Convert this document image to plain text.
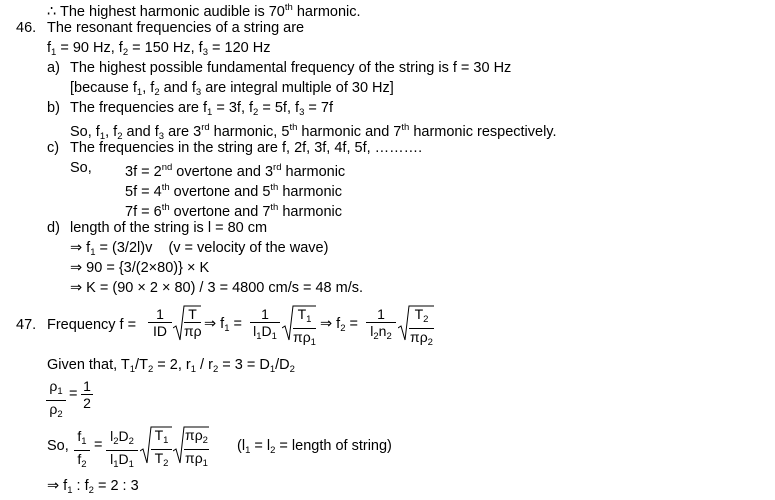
∴ The highest harmonic audible is 70th harmonic.
46. The resonant frequencies of a string are
$f_1 = 90$ Hz, $f_2 = 150$ Hz, $f_3 = 120$ Hz
a) The highest possible fundamental frequency of the string is f = 30 Hz
[because $f_1$, $f_2$ and $f_3$ are integral multiple of 30 Hz]
b) The frequencies are $f_1 = 3f$, $f_2 = 5f$, $f_3 = 7f$
So, $f_1$, $f_2$ and $f_3$ are 3rd harmonic, 5th harmonic and 7th harmonic respectively.
c) The frequencies in the string are f, 2f, 3f, 4f, 5f, ……….
So, 3f = 2nd overtone and 3rd harmonic
5f = 4th overtone and 5th harmonic
7f = 6th overtone and 7th harmonic
d) length of the string is l = 80 cm
⇒ $f_1 = (3/2l)v$    (v = velocity of the wave)
⇒ 90 = {3/(2×80)} × K
⇒ K = (90 × 2 × 80) / 3 = 4800 cm/s = 48 m/s.
47. Frequency f =
1
ID
T
πρ ⇒ $f_1$ =
1
$l_1D_1$
$T_1$
$\pi\rho_1$
⇒ $f_2$ =
1
$l_2n_2$
$T_2$
$\pi\rho_2$
Given that, $T_1/T_2 = 2$, $r_1 / r_2 = 3 = D_1/D_2$
$\rho_1$
$\rho_2$
= 1
2
So,
$f_1$
$f_2$
=
$l_2D_2$
$l_1D_1$
$T_1$
$T_2$
$\pi\rho_2$
$\pi\rho_1$
($l_1 = l_2$ = length of string)
⇒ $f_1$ : $f_2 = 2$ : 3
